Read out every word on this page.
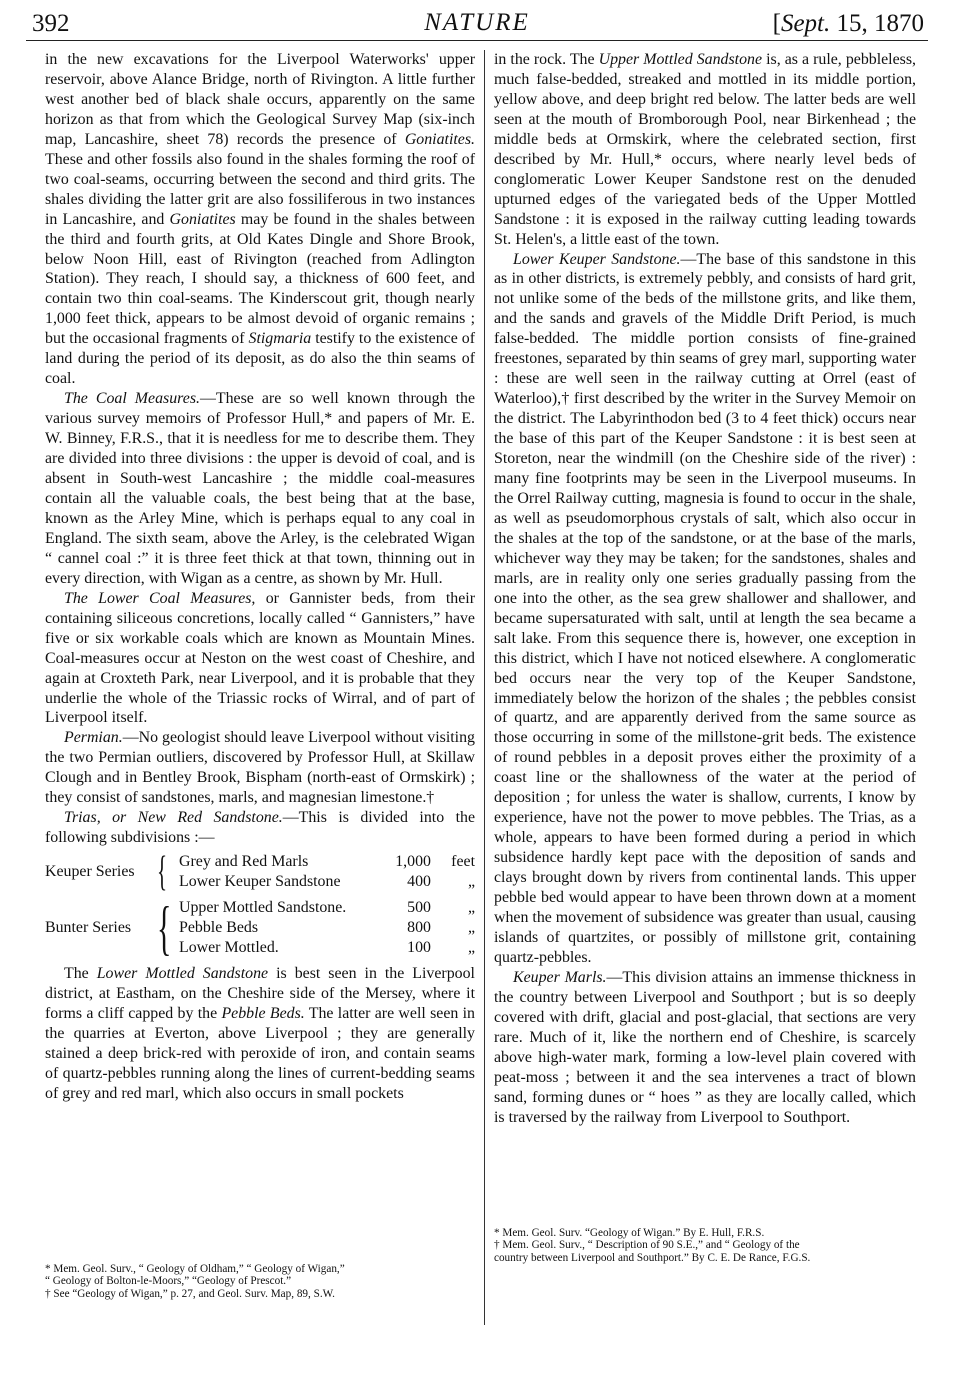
392	NATURE	[Sept. 15, 1870

in the new excavations for the Liverpool Waterworks' upper reservoir, above Alance Bridge, north of Rivington. A little further west another bed of black shale occurs, apparently on the same horizon as that from which the Geological Survey Map (six-inch map, Lancashire, sheet 78) records the presence of Goniatites. These and other fossils also found in the shales forming the roof of two coal-seams, occurring between the second and third grits. The shales dividing the latter grit are also fossiliferous in two instances in Lancashire, and Goniatites may be found in the shales between the third and fourth grits, at Old Kates Dingle and Shore Brook, below Noon Hill, east of Rivington (reached from Adlington Station). They reach, I should say, a thickness of 600 feet, and contain two thin coal-seams. The Kinderscout grit, though nearly 1,000 feet thick, appears to be almost devoid of organic remains ; but the occasional fragments of Stigmaria testify to the existence of land during the period of its deposit, as do also the thin seams of coal.

The Coal Measures.—These are so well known through the various survey memoirs of Professor Hull,* and papers of Mr. E. W. Binney, F.R.S., that it is needless for me to describe them. They are divided into three divisions : the upper is devoid of coal, and is absent in South-west Lancashire ; the middle coal-measures contain all the valuable coals, the best being that at the base, known as the Arley Mine, which is perhaps equal to any coal in England. The sixth seam, above the Arley, is the celebrated Wigan “ cannel coal :” it is three feet thick at that town, thinning out in every direction, with Wigan as a centre, as shown by Mr. Hull.

The Lower Coal Measures, or Gannister beds, from their containing siliceous concretions, locally called “ Gannisters,” have five or six workable coals which are known as Mountain Mines. Coal-measures occur at Neston on the west coast of Cheshire, and again at Croxteth Park, near Liverpool, and it is probable that they underlie the whole of the Triassic rocks of Wirral, and of part of Liverpool itself.

Permian.—No geologist should leave Liverpool without visiting the two Permian outliers, discovered by Professor Hull, at Skillaw Clough and in Bentley Brook, Bispham (north-east of Ormskirk) ; they consist of sandstones, marls, and magnesian limestone.†

Trias, or New Red Sandstone.—This is divided into the following subdivisions :—

Keuper Series { Grey and Red Marls	1,000	feet
Lower Keuper Sandstone	400	„
Bunter Series { Upper Mottled Sandstone.	500	„
Pebble Beds	800	„
Lower Mottled.	100	„

The Lower Mottled Sandstone is best seen in the Liverpool district, at Eastham, on the Cheshire side of the Mersey, where it forms a cliff capped by the Pebble Beds. The latter are well seen in the quarries at Everton, above Liverpool ; they are generally stained a deep brick-red with peroxide of iron, and contain seams of quartz-pebbles running along the lines of current-bedding seams of grey and red marl, which also occurs in small pockets

in the rock. The Upper Mottled Sandstone is, as a rule, pebbleless, much false-bedded, streaked and mottled in its middle portion, yellow above, and deep bright red below. The latter beds are well seen at the mouth of Bromborough Pool, near Birkenhead ; the middle beds at Ormskirk, where the celebrated section, first described by Mr. Hull,* occurs, where nearly level beds of conglomeratic Lower Keuper Sandstone rest on the denuded upturned edges of the variegated beds of the Upper Mottled Sandstone : it is exposed in the railway cutting leading towards St. Helen's, a little east of the town.

Lower Keuper Sandstone.—The base of this sandstone in this as in other districts, is extremely pebbly, and consists of hard grit, not unlike some of the beds of the millstone grits, and like them, and the sands and gravels of the Middle Drift Period, is much false-bedded. The middle portion consists of fine-grained freestones, separated by thin seams of grey marl, supporting water : these are well seen in the railway cutting at Orrel (east of Waterloo),† first described by the writer in the Survey Memoir on the district. The Labyrinthodon bed (3 to 4 feet thick) occurs near the base of this part of the Keuper Sandstone : it is best seen at Storeton, near the windmill (on the Cheshire side of the river) : many fine footprints may be seen in the Liverpool museums. In the Orrel Railway cutting, magnesia is found to occur in the shale, as well as pseudomorphous crystals of salt, which also occur in the shales at the top of the sandstone, or at the base of the marls, whichever way they may be taken; for the sandstones, shales and marls, are in reality only one series gradually passing from the one into the other, as the sea grew shallower and shallower, and became supersaturated with salt, until at length the sea became a salt lake. From this sequence there is, however, one exception in this district, which I have not noticed elsewhere. A conglomeratic bed occurs near the very top of the Keuper Sandstone, immediately below the horizon of the shales ; the pebbles consist of quartz, and are apparently derived from the same source as those occurring in some of the millstone-grit beds. The existence of round pebbles in a deposit proves either the proximity of a coast line or the shallowness of the water at the period of deposition ; for unless the water is shallow, currents, I know by experience, have not the power to move pebbles. The Trias, as a whole, appears to have been formed during a period in which subsidence hardly kept pace with the deposition of sands and clays brought down by rivers from continental lands. This upper pebble bed would appear to have been thrown down at a moment when the movement of subsidence was greater than usual, causing islands of quartzites, or possibly of millstone grit, containing quartz-pebbles.

Keuper Marls.—This division attains an immense thickness in the country between Liverpool and Southport ; but is so deeply covered with drift, glacial and post-glacial, that sections are very rare. Much of it, like the northern end of Cheshire, is scarcely above high-water mark, forming a low-level plain covered with peat-moss ; between it and the sea intervenes a tract of blown sand, forming dunes or “ hoes ” as they are locally called, which is traversed by the railway from Liverpool to Southport.

* Mem. Geol. Surv., “ Geology of Oldham,” “ Geology of Wigan,”
“ Geology of Bolton-le-Moors,” “Geology of Prescot.”
† See “Geology of Wigan,” p. 27, and Geol. Surv. Map, 89, S.W.
* Mem. Geol. Surv. “Geology of Wigan.” By E. Hull, F.R.S.
† Mem. Geol. Surv., “ Description of 90 S.E.,” and “ Geology of the
country between Liverpool and Southport.” By C. E. De Rance, F.G.S.
